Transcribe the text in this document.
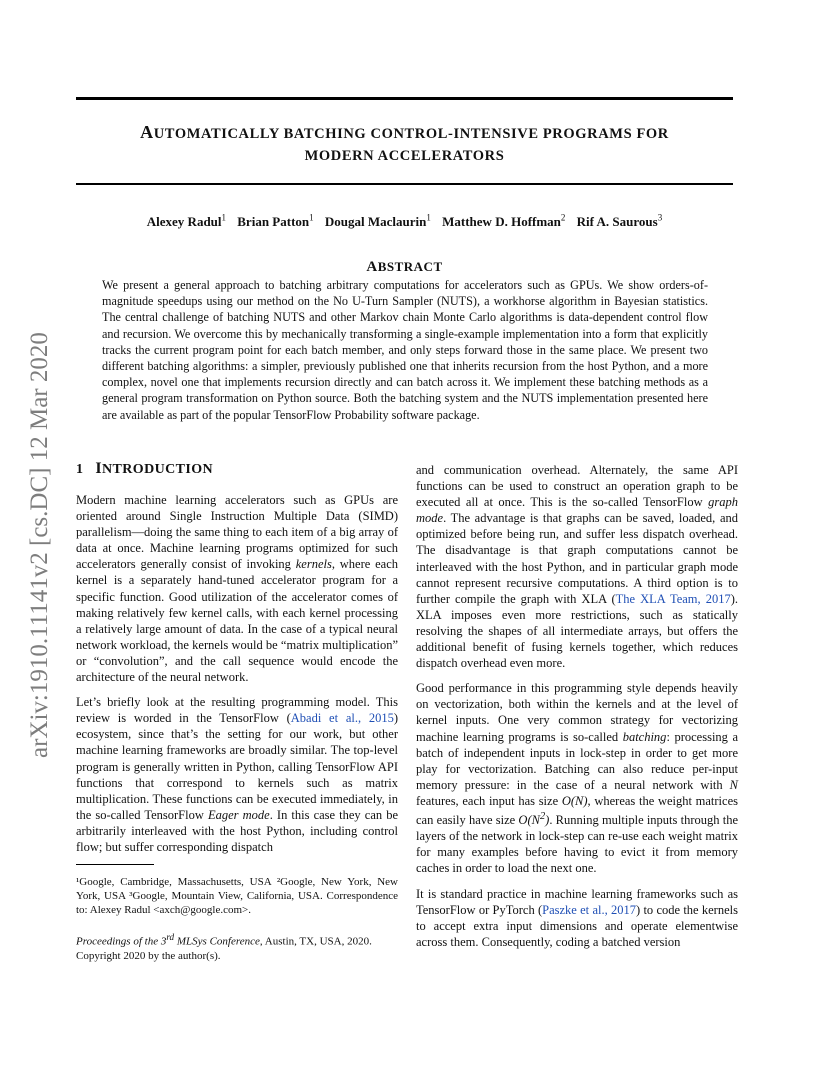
AUTOMATICALLY BATCHING CONTROL-INTENSIVE PROGRAMS FOR
MODERN ACCELERATORS
Alexey Radul$^1$ Brian Patton$^1$ Dougal Maclaurin$^1$ Matthew D. Hoffman$^2$ Rif A. Saurous$^3$
arXiv:1910.11141v2 [cs.DC] 12 Mar 2020
ABSTRACT

We present a general approach to batching arbitrary computations for accelerators such as GPUs. We show orders-of-magnitude speedups using our method on the No U-Turn Sampler (NUTS), a workhorse algorithm in Bayesian statistics. The central challenge of batching NUTS and other Markov chain Monte Carlo algorithms is data-dependent control flow and recursion. We overcome this by mechanically transforming a single-example implementation into a form that explicitly tracks the current program point for each batch member, and only steps forward those in the same place. We present two different batching algorithms: a simpler, previously published one that inherits recursion from the host Python, and a more complex, novel one that implements recursion directly and can batch across it. We implement these batching methods as a general program transformation on Python source. Both the batching system and the NUTS implementation presented here are available as part of the popular TensorFlow Probability software package.

1 INTRODUCTION

Modern machine learning accelerators such as GPUs are oriented around Single Instruction Multiple Data (SIMD) parallelism—doing the same thing to each item of a big array of data at once. Machine learning programs optimized for such accelerators generally consist of invoking kernels, where each kernel is a separately hand-tuned accelerator program for a specific function. Good utilization of the accelerator comes of making relatively few kernel calls, with each kernel processing a relatively large amount of data. In the case of a typical neural network workload, the kernels would be “matrix multiplication” or “convolution”, and the call sequence would encode the architecture of the neural network.

Let’s briefly look at the resulting programming model. This review is worded in the TensorFlow (Abadi et al., 2015) ecosystem, since that’s the setting for our work, but other machine learning frameworks are broadly similar. The top-level program is generally written in Python, calling TensorFlow API functions that correspond to kernels such as matrix multiplication. These functions can be executed immediately, in the so-called TensorFlow Eager mode. In this case they can be arbitrarily interleaved with the host Python, including control flow; but suffer corresponding dispatch

¹Google, Cambridge, Massachusetts, USA ²Google, New York, New York, USA ³Google, Mountain View, California, USA. Correspondence to: Alexey Radul <axch@google.com>.

Proceedings of the 3rd MLSys Conference, Austin, TX, USA, 2020. Copyright 2020 by the author(s).

and communication overhead. Alternately, the same API functions can be used to construct an operation graph to be executed all at once. This is the so-called TensorFlow graph mode. The advantage is that graphs can be saved, loaded, and optimized before being run, and suffer less dispatch overhead. The disadvantage is that graph computations cannot be interleaved with the host Python, and in particular graph mode cannot represent recursive computations. A third option is to further compile the graph with XLA (The XLA Team, 2017). XLA imposes even more restrictions, such as statically resolving the shapes of all intermediate arrays, but offers the additional benefit of fusing kernels together, which reduces dispatch overhead even more.

Good performance in this programming style depends heavily on vectorization, both within the kernels and at the level of kernel inputs. One very common strategy for vectorizing machine learning programs is so-called batching: processing a batch of independent inputs in lock-step in order to get more play for vectorization. Batching can also reduce per-input memory pressure: in the case of a neural network with N features, each input has size O(N), whereas the weight matrices can easily have size $O(N^2)$. Running multiple inputs through the layers of the network in lock-step can re-use each weight matrix for many examples before having to evict it from memory caches in order to load the next one.

It is standard practice in machine learning frameworks such as TensorFlow or PyTorch (Paszke et al., 2017) to code the kernels to accept extra input dimensions and operate elementwise across them. Consequently, coding a batched version
